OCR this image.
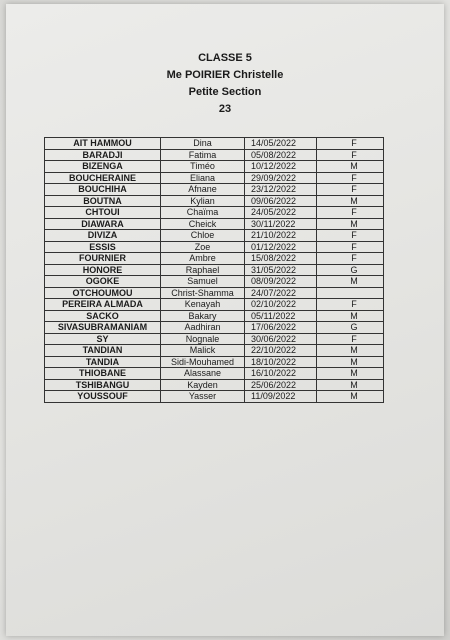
CLASSE 5
Me POIRIER Christelle
Petite Section
23
AIT HAMMOU	Dina	14/05/2022	F
BARADJI	Fatima	05/08/2022	F
BIZENGA	Timéo	10/12/2022	M
BOUCHERAINE	Eliana	29/09/2022	F
BOUCHIHA	Afnane	23/12/2022	F
BOUTNA	Kylian	09/06/2022	M
CHTOUI	Chaïma	24/05/2022	F
DIAWARA	Cheick	30/11/2022	M
DIVIZA	Chloe	21/10/2022	F
ESSIS	Zoe	01/12/2022	F
FOURNIER	Ambre	15/08/2022	F
HONORE	Raphael	31/05/2022	G
OGOKE	Samuel	08/09/2022	M
OTCHOUMOU	Christ-Shamma	24/07/2022	
PEREIRA ALMADA	Kenayah	02/10/2022	F
SACKO	Bakary	05/11/2022	M
SIVASUBRAMANIAM	Aadhiran	17/06/2022	G
SY	Nognale	30/06/2022	F
TANDIAN	Malick	22/10/2022	M
TANDIA	Sidi-Mouhamed	18/10/2022	M
THIOBANE	Alassane	16/10/2022	M
TSHIBANGU	Kayden	25/06/2022	M
YOUSSOUF	Yasser	11/09/2022	M
